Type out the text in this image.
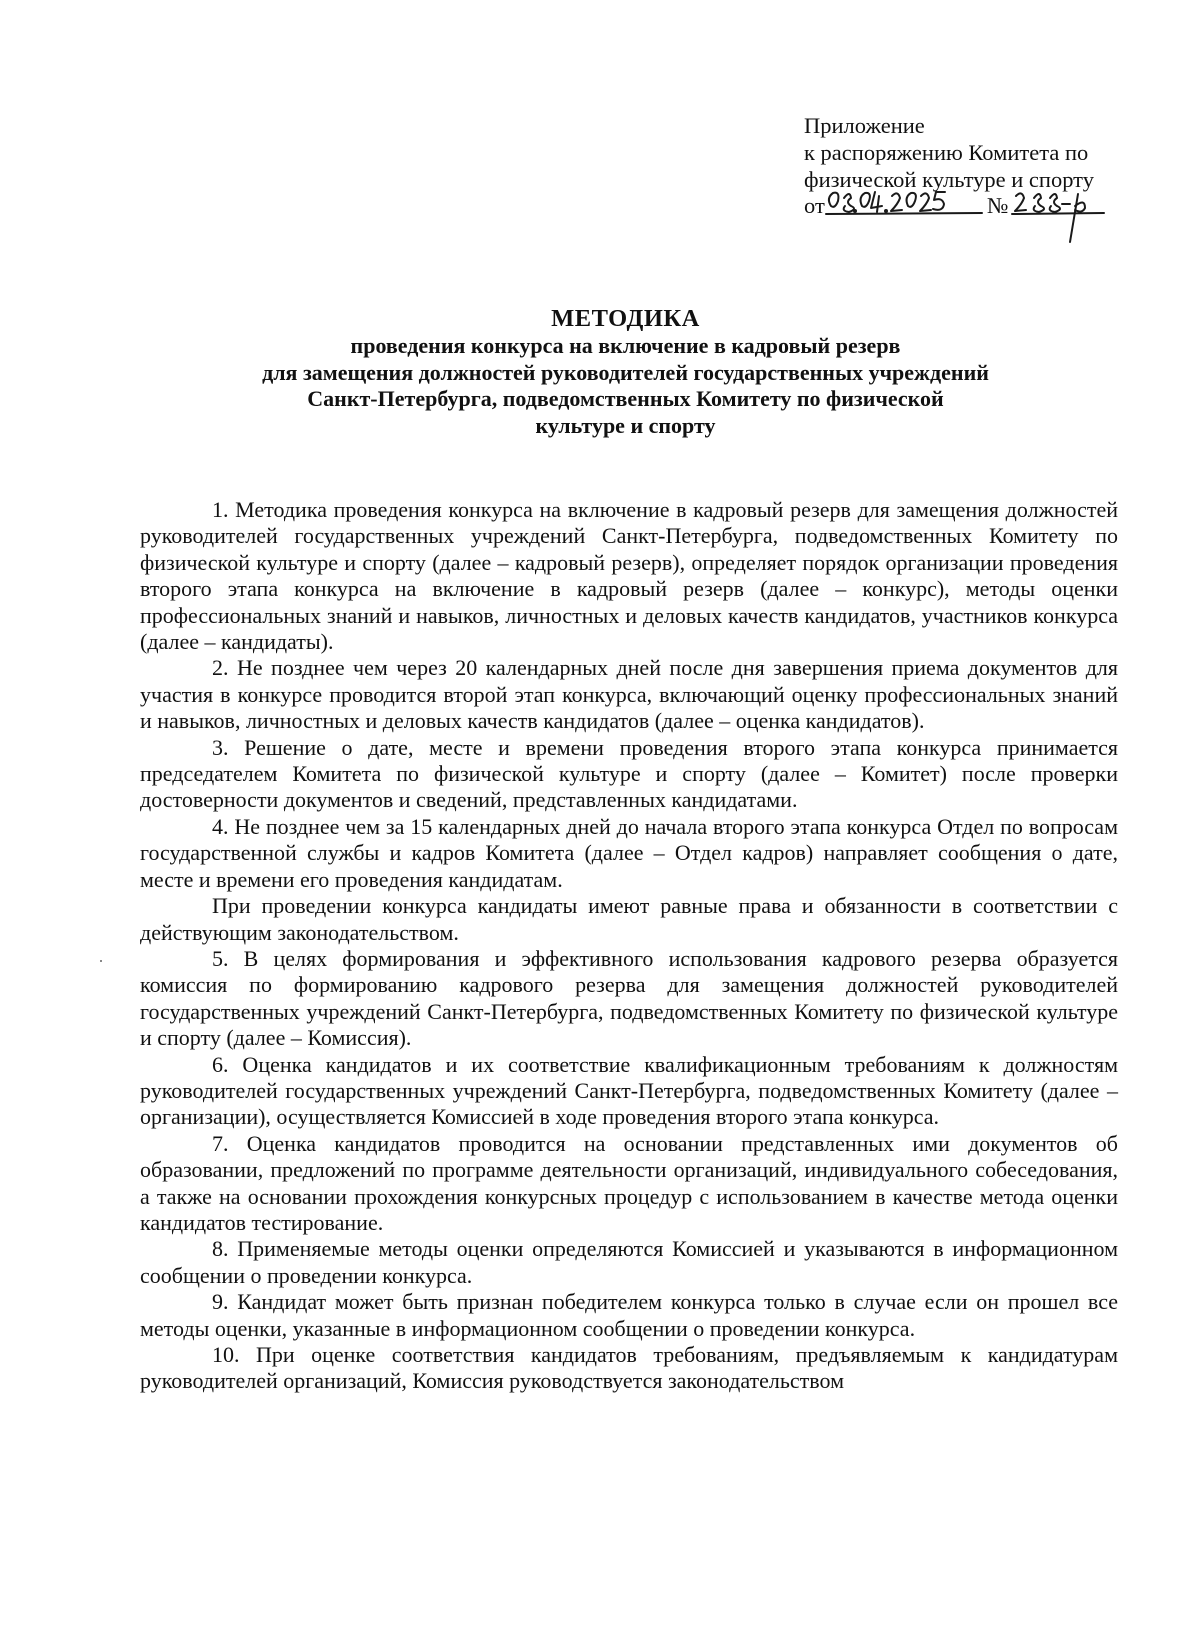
Приложение
к распоряжению Комитета по
физической культуре и спорту
от	№
МЕТОДИКА
проведения конкурса на включение в кадровый резерв
для замещения должностей руководителей государственных учреждений
Санкт-Петербурга, подведомственных Комитету по физической
культуре и спорту

1. Методика проведения конкурса на включение в кадровый резерв для замещения должностей руководителей государственных учреждений Санкт-Петербурга, подведомственных Комитету по физической культуре и спорту (далее – кадровый резерв), определяет порядок организации проведения второго этапа конкурса на включение в кадровый резерв (далее – конкурс), методы оценки профессиональных знаний и навыков, личностных и деловых качеств кандидатов, участников конкурса (далее – кандидаты).

2. Не позднее чем через 20 календарных дней после дня завершения приема документов для участия в конкурсе проводится второй этап конкурса, включающий оценку профессиональных знаний и навыков, личностных и деловых качеств кандидатов (далее – оценка кандидатов).

3. Решение о дате, месте и времени проведения второго этапа конкурса принимается председателем Комитета по физической культуре и спорту (далее – Комитет) после проверки достоверности документов и сведений, представленных кандидатами.

4. Не позднее чем за 15 календарных дней до начала второго этапа конкурса Отдел по вопросам государственной службы и кадров Комитета (далее – Отдел кадров) направляет сообщения о дате, месте и времени его проведения кандидатам.

При проведении конкурса кандидаты имеют равные права и обязанности в соответствии с действующим законодательством.

5. В целях формирования и эффективного использования кадрового резерва образуется комиссия по формированию кадрового резерва для замещения должностей руководителей государственных учреждений Санкт-Петербурга, подведомственных Комитету по физической культуре и спорту (далее – Комиссия).

6. Оценка кандидатов и их соответствие квалификационным требованиям к должностям руководителей государственных учреждений Санкт-Петербурга, подведомственных Комитету (далее – организации), осуществляется Комиссией в ходе проведения второго этапа конкурса.

7. Оценка кандидатов проводится на основании представленных ими документов об образовании, предложений по программе деятельности организаций, индивидуального собеседования, а также на основании прохождения конкурсных процедур с использованием в качестве метода оценки кандидатов тестирование.

8. Применяемые методы оценки определяются Комиссией и указываются в информационном сообщении о проведении конкурса.

9. Кандидат может быть признан победителем конкурса только в случае если он прошел все методы оценки, указанные в информационном сообщении о проведении конкурса.

10. При оценке соответствия кандидатов требованиям, предъявляемым к кандидатурам руководителей организаций, Комиссия руководствуется законодательством
